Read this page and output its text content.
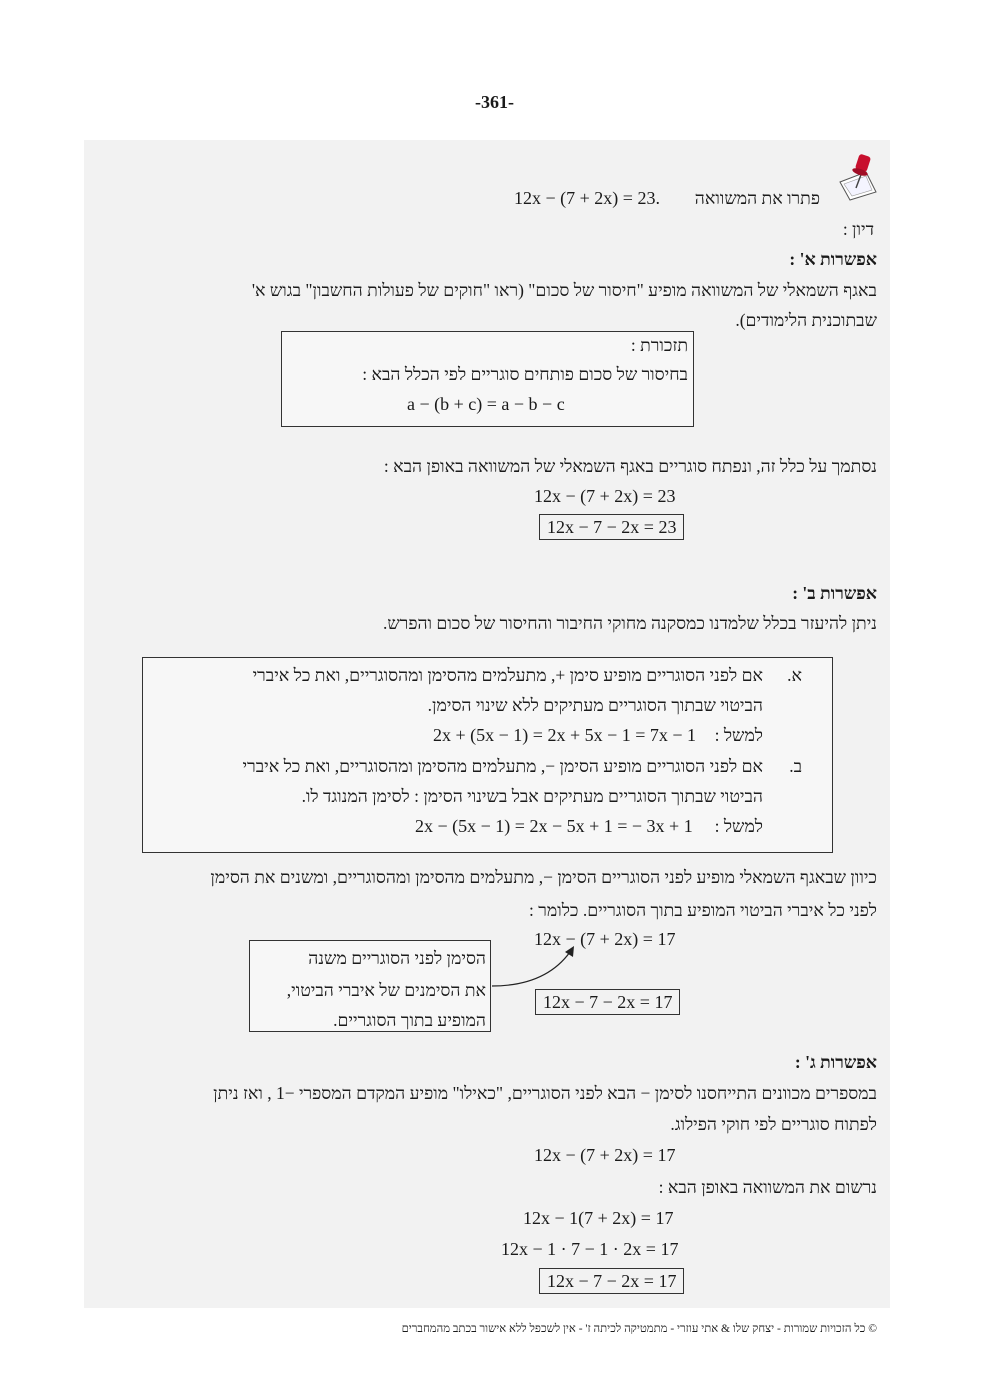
-361-
12x − (7 + 2x) = 23. פתרו את המשוואה
דיון :
אפשרות א' :
באגף השמאלי של המשוואה מופיע "חיסור של סכום" (ראו "חוקים של פעולות החשבון" בגוש א'
שבתוכנית הלימודים).
תזכורת :
בחיסור של סכום פותחים סוגריים לפי הכלל הבא :
a − (b + c) = a − b − c
נסתמך על כלל זה, ונפתח סוגריים באגף השמאלי של המשוואה באופן הבא :
12x − (7 + 2x) = 23
12x − 7 − 2x = 23
אפשרות ב' :
ניתן להיעזר בכלל שלמדנו כמסקנה מחוקי החיבור והחיסור של סכום והפרש.
א.
אם לפני הסוגריים מופיע סימן +, מתעלמים מהסימן ומהסוגריים, ואת כל איברי
הביטוי שבתוך הסוגריים מעתיקים ללא שינוי הסימן.
למשל :
2x + (5x − 1) = 2x + 5x − 1 = 7x − 1
ב.
אם לפני הסוגריים מופיע הסימן −, מתעלמים מהסימן ומהסוגריים, ואת כל איברי
הביטוי שבתוך הסוגריים מעתיקים אבל בשינוי הסימן : לסימן המנוגד לו.
למשל :
2x − (5x − 1) = 2x − 5x + 1 = − 3x + 1
כיוון שבאגף השמאלי מופיע לפני הסוגריים הסימן −, מתעלמים מהסימן ומהסוגריים, ומשנים את הסימן
לפני כל איברי הביטוי המופיע בתוך הסוגריים. כלומר :
12x − (7 + 2x) = 17
12x − 7 − 2x = 17
הסימן לפני הסוגריים משנה
את הסימנים של איברי הביטוי,
המופיע בתוך הסוגריים.
אפשרות ג' :
במספרים מכוונים התייחסנו לסימן − הבא לפני הסוגריים, "כאילו" מופיע המקדם המספרי −1 , ואז ניתן
לפתוח סוגריים לפי חוקי הפילוג.
12x − (7 + 2x) = 17
נרשום את המשוואה באופן הבא :
12x − 1(7 + 2x) = 17
12x − 1 · 7 − 1 · 2x = 17
12x − 7 − 2x = 17
© כל הזכויות שמורות - יצחק שלו & אתי עוזרי - מתמטיקה לכיתה ז' - אין לשכפל ללא אישור בכתב מהמחברים
